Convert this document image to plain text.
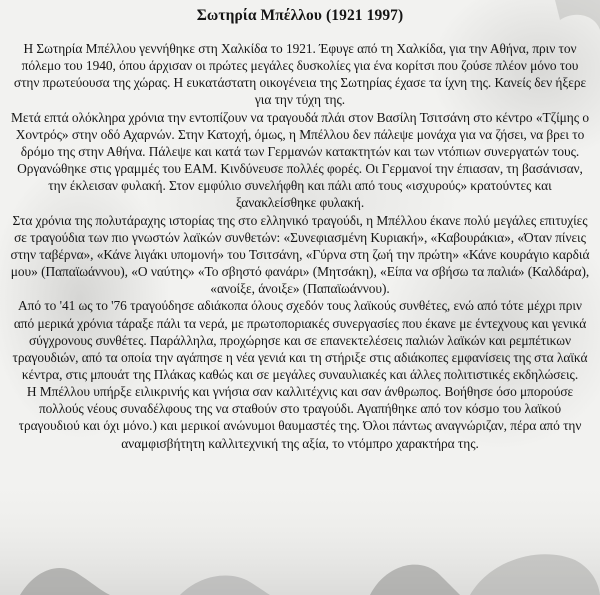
Σωτηρία Μπέλλου (1921 1997)

Η Σωτηρία Μπέλλου γεννήθηκε στη Χαλκίδα το 1921. Έφυγε από τη Χαλκίδα, για την Αθήνα, πριν τον πόλεμο του 1940, όπου άρχισαν οι πρώτες μεγάλες δυσκολίες για ένα κορίτσι που ζούσε πλέον μόνο του στην πρωτεύουσα της χώρας. Η ευκατάστατη οικογένεια της Σωτηρίας έχασε τα ίχνη της. Κανείς δεν ήξερε για την τύχη της.

Μετά επτά ολόκληρα χρόνια την εντοπίζουν να τραγουδά πλάι στον Βασίλη Τσιτσάνη στο κέντρο «Τζίμης ο Χοντρός» στην οδό Αχαρνών. Στην Κατοχή, όμως, η Μπέλλου δεν πάλεψε μονάχα για να ζήσει, να βρει το δρόμο της στην Αθήνα. Πάλεψε και κατά των Γερμανών κατακτητών και των ντόπιων συνεργατών τους. Οργανώθηκε στις γραμμές του ΕΑΜ. Κινδύνευσε πολλές φορές. Οι Γερμανοί την έπιασαν, τη βασάνισαν, την έκλεισαν φυλακή. Στον εμφύλιο συνελήφθη και πάλι από τους «ισχυρούς» κρατούντες και ξανακλείσθηκε φυλακή.

Στα χρόνια της πολυτάραχης ιστορίας της στο ελληνικό τραγούδι, η Μπέλλου έκανε πολύ μεγάλες επιτυχίες σε τραγούδια των πιο γνωστών λαϊκών συνθετών: «Συνεφιασμένη Κυριακή», «Καβουράκια», «Όταν πίνεις στην ταβέρνα», «Κάνε λιγάκι υπομονή» του Τσιτσάνη, «Γύρνα στη ζωή την πρώτη» «Κάνε κουράγιο καρδιά μου» (Παπαϊωάννου), «Ο ναύτης» «Το σβηστό φανάρι» (Μητσάκη), «Είπα να σβήσω τα παλιά» (Καλδάρα), «ανοίξε, άνοιξε» (Παπαϊωάννου).

Από το '41 ως το '76 τραγούδησε αδιάκοπα όλους σχεδόν τους λαϊκούς συνθέτες, ενώ από τότε μέχρι πριν από μερικά χρόνια τάραξε πάλι τα νερά, με πρωτοποριακές συνεργασίες που έκανε με έντεχνους και γενικά σύγχρονους συνθέτες. Παράλληλα, προχώρησε και σε επανεκτελέσεις παλιών λαϊκών και ρεμπέτικων τραγουδιών, από τα οποία την αγάπησε η νέα γενιά και τη στήριξε στις αδιάκοπες εμφανίσεις της στα λαϊκά κέντρα, στις μπουάτ της Πλάκας καθώς και σε μεγάλες συναυλιακές και άλλες πολιτιστικές εκδηλώσεις.

Η Μπέλλου υπήρξε ειλικρινής και γνήσια σαν καλλιτέχνις και σαν άνθρωπος. Βοήθησε όσο μπορούσε πολλούς νέους συναδέλφους της να σταθούν στο τραγούδι. Αγαπήθηκε από τον κόσμο του λαϊκού τραγουδιού και όχι μόνο.) και μερικοί ανώνυμοι θαυμαστές της. Όλοι πάντως αναγνώριζαν, πέρα από την αναμφισβήτητη καλλιτεχνική της αξία, το ντόμπρο χαρακτήρα της.
